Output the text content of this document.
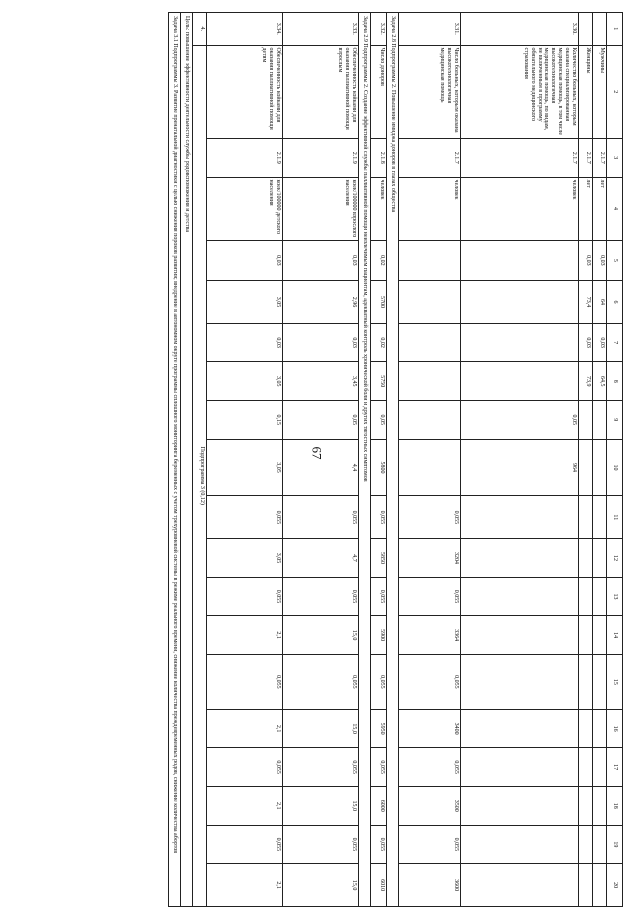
67
1	2	3	4	5	6	7	8	9	10	11	12	13	14	15	16	17	18	19	20
	Мужчины	2.1.7	лет	0,03	64	0,03	64,5												
	Женщины	2.1.7	лет	0,03	73,4	0,03	73,9												
3.30.	Количество больных, которым оказана специализированная медицинская помощь, в том числе высокотехнологичная медицинская помощь, по видам, не включенным в программу обязательного медицинского страхования	2.1.7	человек					0,05	964										
3.31.	Число больных, которым оказана высокотехнологичная медицинская помощь	2.1.7	человек							0,055	3204	0,055	3364	0,055	3400	0,055	3500	0,055	3600
Задача 2.8 Подпрограммы 2. Повышение имиджа доноров в глазах общества																			
3.32.	Число доноров	2.1.8	человек	0,02	5700	0,02	5750	0,05	5800	0,055	5850	0,055	5900	0,055	5950	0,055	6000	0,055	6010
Задача 2.9 Подпрограммы 2. Создание эффективной службы паллиативной помощи неизлечимым пациентам, адекватный контроль хронической боли и других тягостных симптомов																			
3.33.	Обеспеченность койками для оказания паллиативной помощи взрослым	2.1.9	коек/100000 взрослого населения	0,03	2,96	0,03	3,45	0,05	4,4	0,055	4,7	0,055	15,0	0,055	15,0	0,055	15,0	0,055	15,0
3.34.	Обеспеченность койками для оказания паллиативной помощи детям	2.1.9	коек/100000 детского населения	0,03	3,05	0,03	3,05	0,15	3,05	0,055	3,05	0,055	2,1	0,055	2,1	0,055	2,1	0,055	2,1
4.	Подпрограмма 3 (0,12)																		
Цель: повышение эффективности деятельности службы родовспоможения и детства																			
Задача 3.1 Подпрограммы 3. Развитие пренатальной диагностики с целью снижения пороков развития; внедрение в автономном округе программы сплошного мониторинга беременных с учетом трехуровневой системы в режиме реального времени, снижение количества преждевременных родов, снижение количества абортов																			
